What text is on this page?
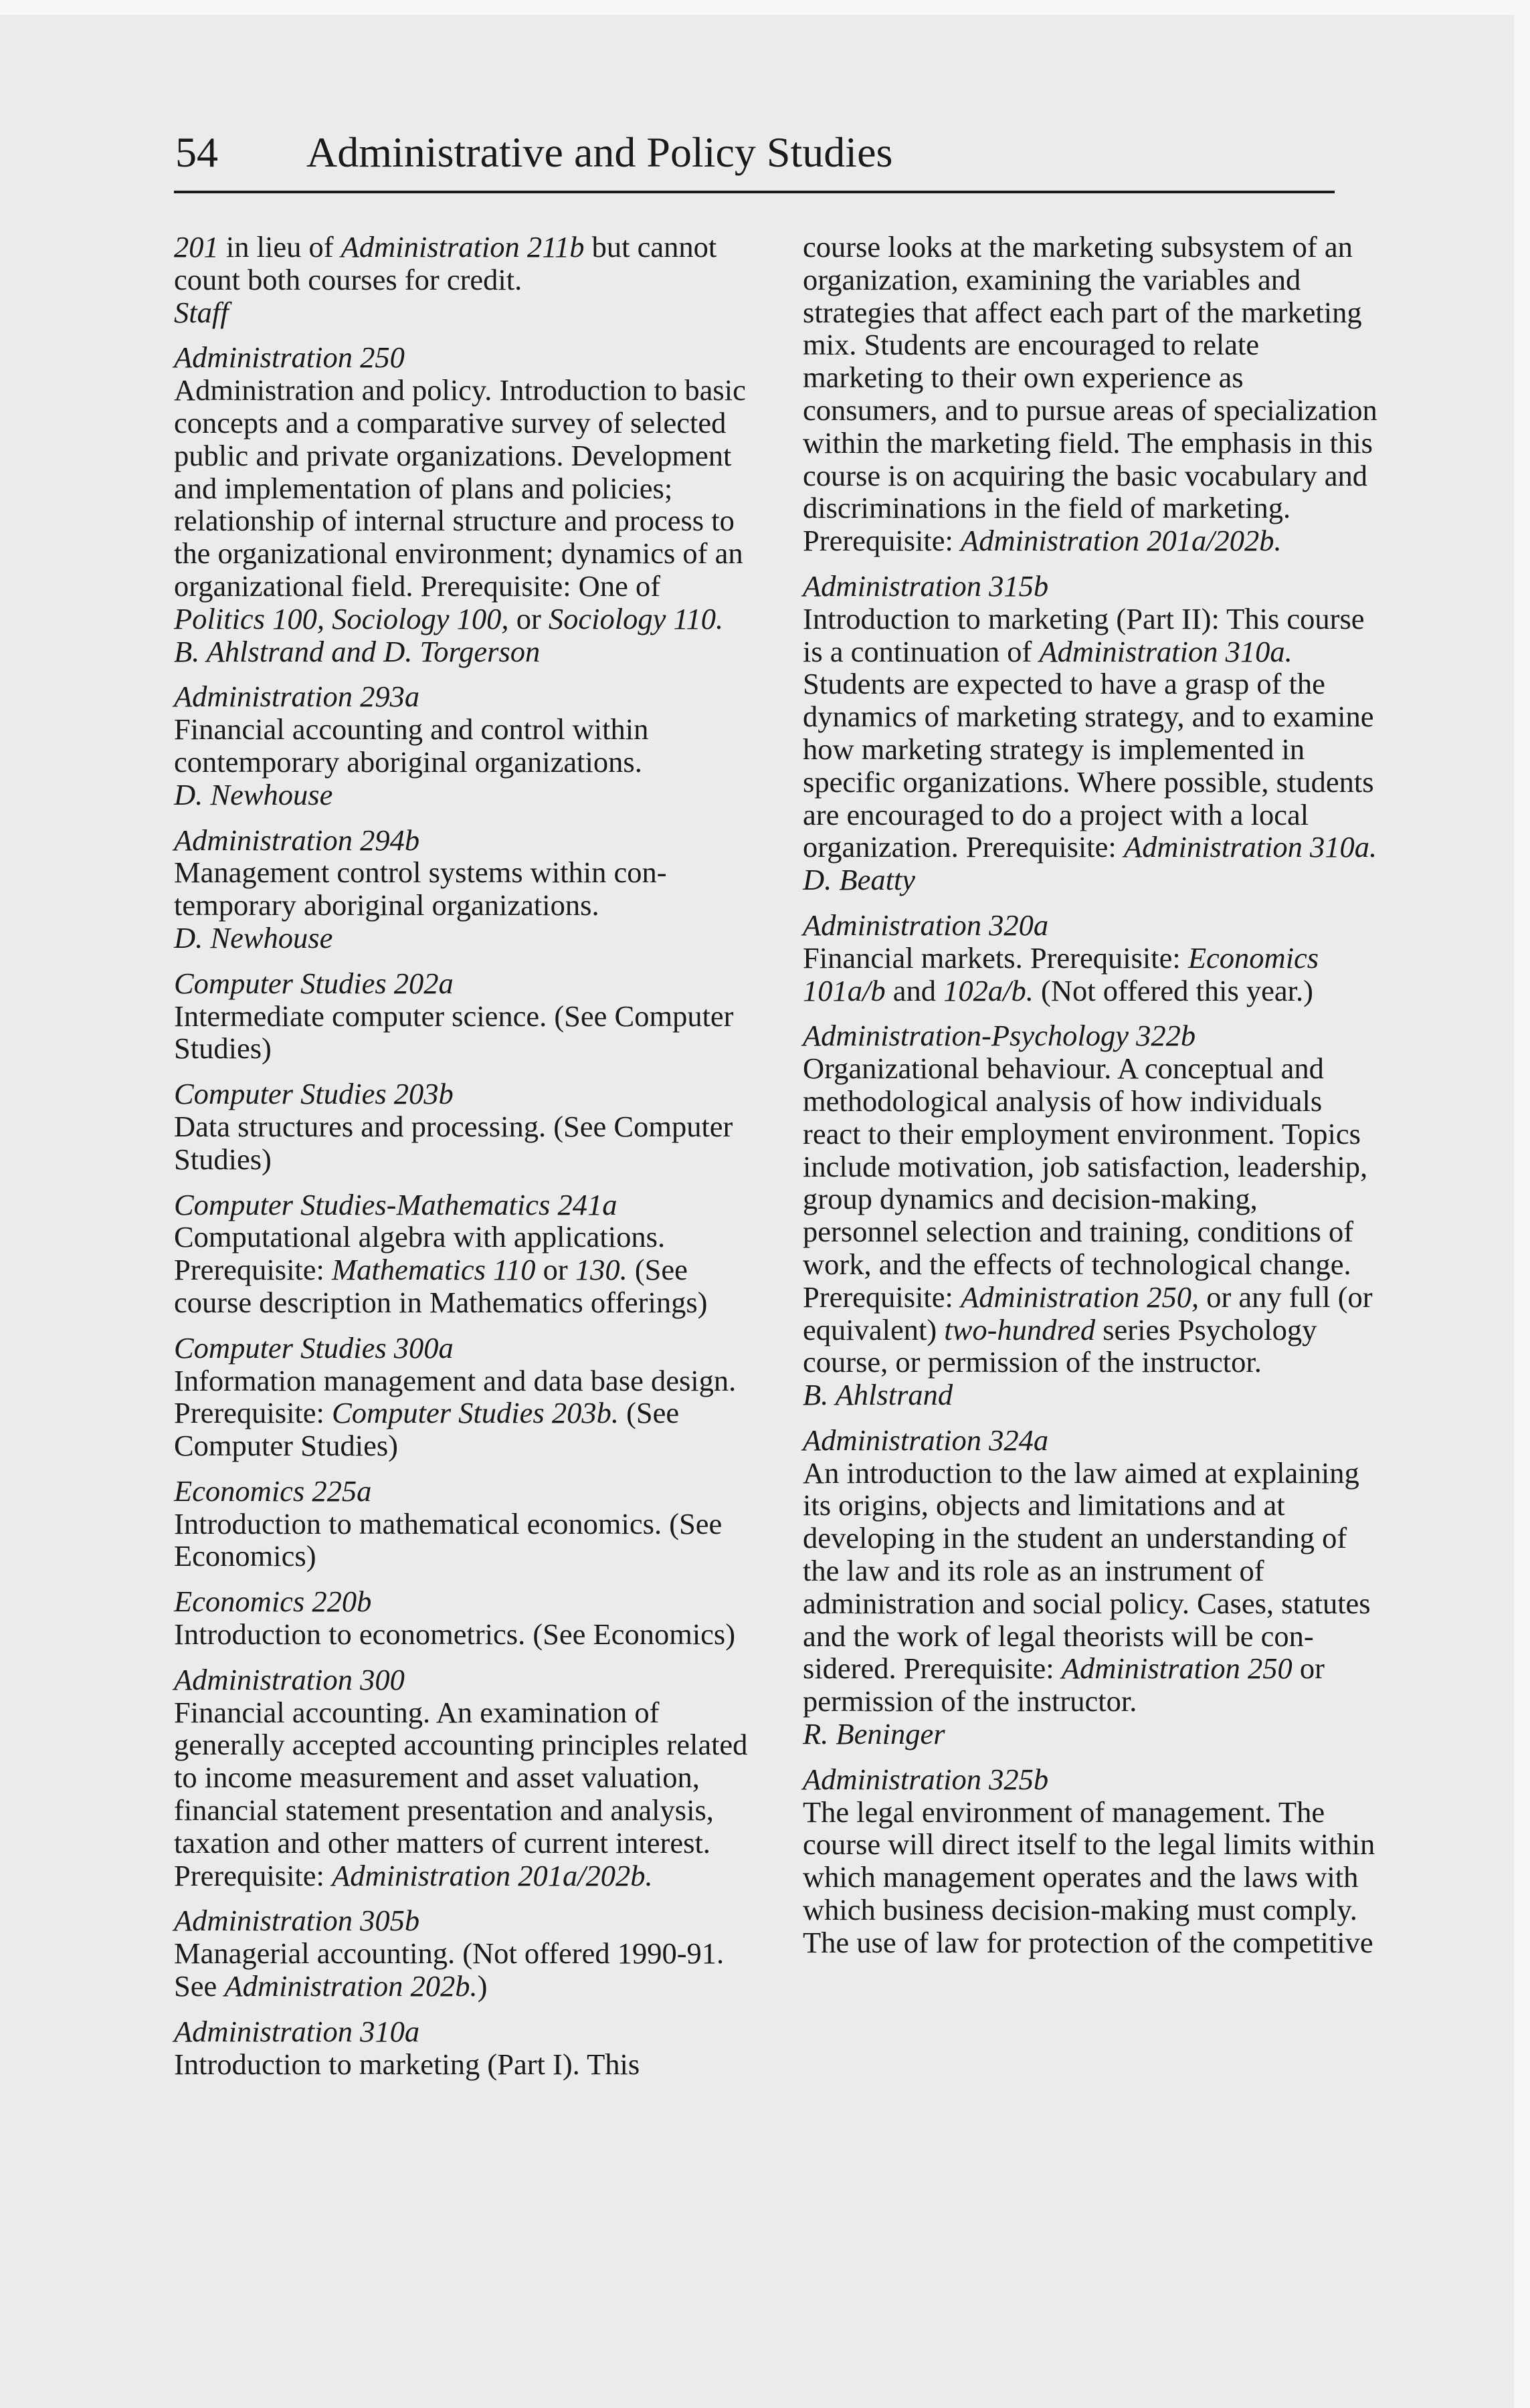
54 Administrative and Policy Studies

201 in lieu of Administration 211b but cannot count both courses for credit.

Staff

Administration 250

Administration and policy. Introduction to basic concepts and a comparative survey of selected public and private organizations. Development and implementation of plans and policies; relationship of internal structure and process to the organizational environment; dynamics of an organizational field. Prerequisite: One of Politics 100, Sociology 100, or Sociology 110.

B. Ahlstrand and D. Torgerson

Administration 293a

Financial accounting and control within contemporary aboriginal organizations.

D. Newhouse

Administration 294b

Management control systems within contemporary aboriginal organizations.

D. Newhouse

Computer Studies 202a

Intermediate computer science. (See Computer Studies)

Computer Studies 203b

Data structures and processing. (See Computer Studies)

Computer Studies-Mathematics 241a

Computational algebra with applications. Prerequisite: Mathematics 110 or 130. (See course description in Mathematics offerings)

Computer Studies 300a

Information management and data base design. Prerequisite: Computer Studies 203b. (See Computer Studies)

Economics 225a

Introduction to mathematical economics. (See Economics)

Economics 220b

Introduction to econometrics. (See Economics)

Administration 300

Financial accounting. An examination of generally accepted accounting principles related to income measurement and asset valuation, financial statement presentation and analysis, taxation and other matters of current interest. Prerequisite: Administration 201a/202b.

Administration 305b

Managerial accounting. (Not offered 1990-91. See Administration 202b.)

Administration 310a

Introduction to marketing (Part I). This

course looks at the marketing subsystem of an organization, examining the variables and strategies that affect each part of the marketing mix. Students are encouraged to relate marketing to their own experience as consumers, and to pursue areas of specialization within the marketing field. The emphasis in this course is on acquiring the basic vocabulary and discriminations in the field of marketing. Prerequisite: Administration 201a/202b.

Administration 315b

Introduction to marketing (Part II): This course is a continuation of Administration 310a. Students are expected to have a grasp of the dynamics of marketing strategy, and to examine how marketing strategy is implemented in specific organizations. Where possible, students are encouraged to do a project with a local organization. Prerequisite: Administration 310a.

D. Beatty

Administration 320a

Financial markets. Prerequisite: Economics 101a/b and 102a/b. (Not offered this year.)

Administration-Psychology 322b

Organizational behaviour. A conceptual and methodological analysis of how individuals react to their employment environment. Topics include motivation, job satisfaction, leadership, group dynamics and decision-making, personnel selection and training, conditions of work, and the effects of technological change. Prerequisite: Administration 250, or any full (or equivalent) two-hundred series Psychology course, or permission of the instructor.

B. Ahlstrand

Administration 324a

An introduction to the law aimed at explaining its origins, objects and limitations and at developing in the student an understanding of the law and its role as an instrument of administration and social policy. Cases, statutes and the work of legal theorists will be considered. Prerequisite: Administration 250 or permission of the instructor.

R. Beninger

Administration 325b

The legal environment of management. The course will direct itself to the legal limits within which management operates and the laws with which business decision-making must comply. The use of law for protection of the competitive
